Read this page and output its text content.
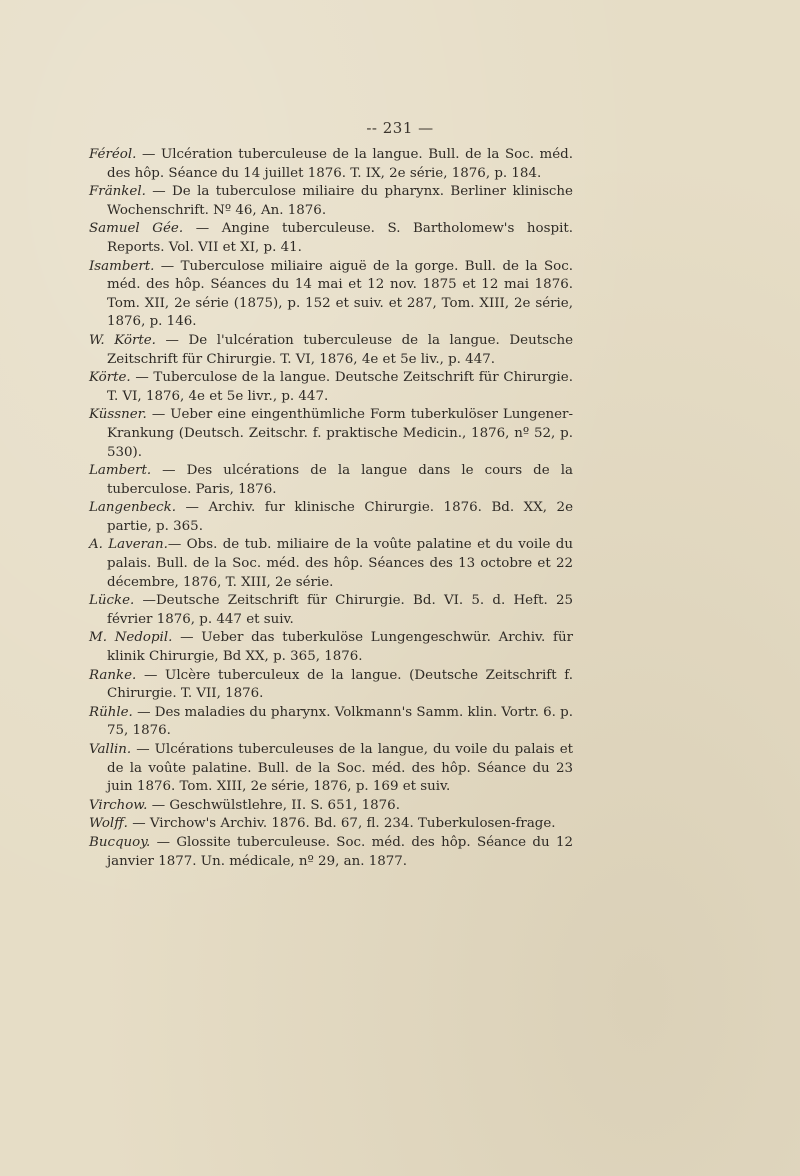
-- 231 —
Féréol. — Ulcération tuberculeuse de la langue. Bull. de la Soc. méd. des hôp. Séance du 14 juillet 1876. T. IX, 2e série, 1876, p. 184.
Fränkel. — De la tuberculose miliaire du pharynx. Berliner klinische Wochenschrift. Nº 46, An. 1876.
Samuel Gée. — Angine tuberculeuse. S. Bartholomew's hospit. Reports. Vol. VII et XI, p. 41.
Isambert. — Tuberculose miliaire aiguë de la gorge. Bull. de la Soc. méd. des hôp. Séances du 14 mai et 12 nov. 1875 et 12 mai 1876. Tom. XII, 2e série (1875), p. 152 et suiv. et 287, Tom. XIII, 2e série, 1876, p. 146.
W. Körte. — De l'ulcération tuberculeuse de la langue. Deutsche Zeitschrift für Chirurgie. T. VI, 1876, 4e et 5e liv., p. 447.
Körte. — Tuberculose de la langue. Deutsche Zeitschrift für Chirurgie. T. VI, 1876, 4e et 5e livr., p. 447.
Küssner. — Ueber eine eingenthümliche Form tuberkulöser Lungener-Krankung (Deutsch. Zeitschr. f. praktische Medicin., 1876, nº 52, p. 530).
Lambert. — Des ulcérations de la langue dans le cours de la tuberculose. Paris, 1876.
Langenbeck. — Archiv. fur klinische Chirurgie. 1876. Bd. XX, 2e partie, p. 365.
A. Laveran.— Obs. de tub. miliaire de la voûte palatine et du voile du palais. Bull. de la Soc. méd. des hôp. Séances des 13 octobre et 22 décembre, 1876, T. XIII, 2e série.
Lücke. —Deutsche Zeitschrift für Chirurgie. Bd. VI. 5. d. Heft. 25 février 1876, p. 447 et suiv.
M. Nedopil. — Ueber das tuberkulöse Lungengeschwür. Archiv. für klinik Chirurgie, Bd XX, p. 365, 1876.
Ranke. — Ulcère tuberculeux de la langue. (Deutsche Zeitschrift f. Chirurgie. T. VII, 1876.
Rühle. — Des maladies du pharynx. Volkmann's Samm. klin. Vortr. 6. p. 75, 1876.
Vallin. — Ulcérations tuberculeuses de la langue, du voile du palais et de la voûte palatine. Bull. de la Soc. méd. des hôp. Séance du 23 juin 1876. Tom. XIII, 2e série, 1876, p. 169 et suiv.
Virchow. — Geschwülstlehre, II. S. 651, 1876.
Wolff. — Virchow's Archiv. 1876. Bd. 67, fl. 234. Tuberkulosen-frage.
Bucquoy. — Glossite tuberculeuse. Soc. méd. des hôp. Séance du 12 janvier 1877. Un. médicale, nº 29, an. 1877.
